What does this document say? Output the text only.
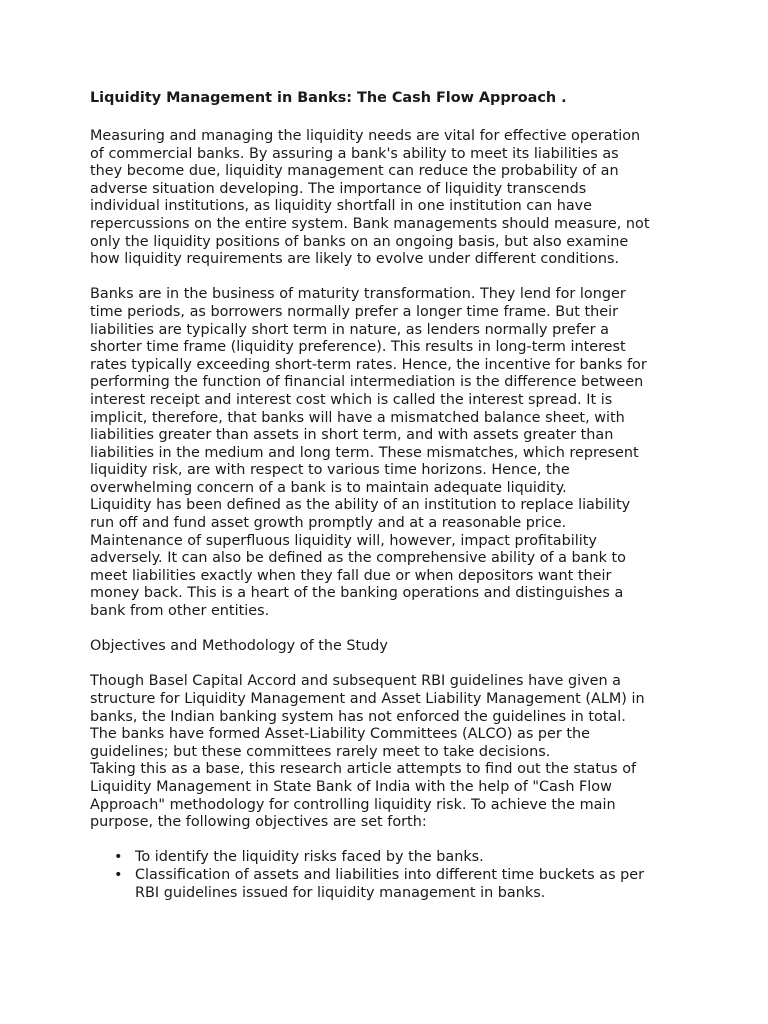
Liquidity Management in Banks: The Cash Flow Approach .
Measuring and managing the liquidity needs are vital for effective operation
of commercial banks. By assuring a bank's ability to meet its liabilities as
they become due, liquidity management can reduce the probability of an
adverse situation developing. The importance of liquidity transcends
individual institutions, as liquidity shortfall in one institution can have
repercussions on the entire system. Bank managements should measure, not
only the liquidity positions of banks on an ongoing basis, but also examine
how liquidity requirements are likely to evolve under different conditions.
Banks are in the business of maturity transformation. They lend for longer
time periods, as borrowers normally prefer a longer time frame. But their
liabilities are typically short term in nature, as lenders normally prefer a
shorter time frame (liquidity preference). This results in long-term interest
rates typically exceeding short-term rates. Hence, the incentive for banks for
performing the function of financial intermediation is the difference between
interest receipt and interest cost which is called the interest spread. It is
implicit, therefore, that banks will have a mismatched balance sheet, with
liabilities greater than assets in short term, and with assets greater than
liabilities in the medium and long term. These mismatches, which represent
liquidity risk, are with respect to various time horizons. Hence, the
overwhelming concern of a bank is to maintain adequate liquidity.
Liquidity has been defined as the ability of an institution to replace liability
run off and fund asset growth promptly and at a reasonable price.
Maintenance of superfluous liquidity will, however, impact profitability
adversely. It can also be defined as the comprehensive ability of a bank to
meet liabilities exactly when they fall due or when depositors want their
money back. This is a heart of the banking operations and distinguishes a
bank from other entities.
Objectives and Methodology of the Study
Though Basel Capital Accord and subsequent RBI guidelines have given a
structure for Liquidity Management and Asset Liability Management (ALM) in
banks, the Indian banking system has not enforced the guidelines in total.
The banks have formed Asset-Liability Committees (ALCO) as per the
guidelines; but these committees rarely meet to take decisions.
Taking this as a base, this research article attempts to find out the status of
Liquidity Management in State Bank of India with the help of "Cash Flow
Approach" methodology for controlling liquidity risk. To achieve the main
purpose, the following objectives are set forth:
• To identify the liquidity risks faced by the banks.
• Classification of assets and liabilities into different time buckets as per
RBI guidelines issued for liquidity management in banks.
